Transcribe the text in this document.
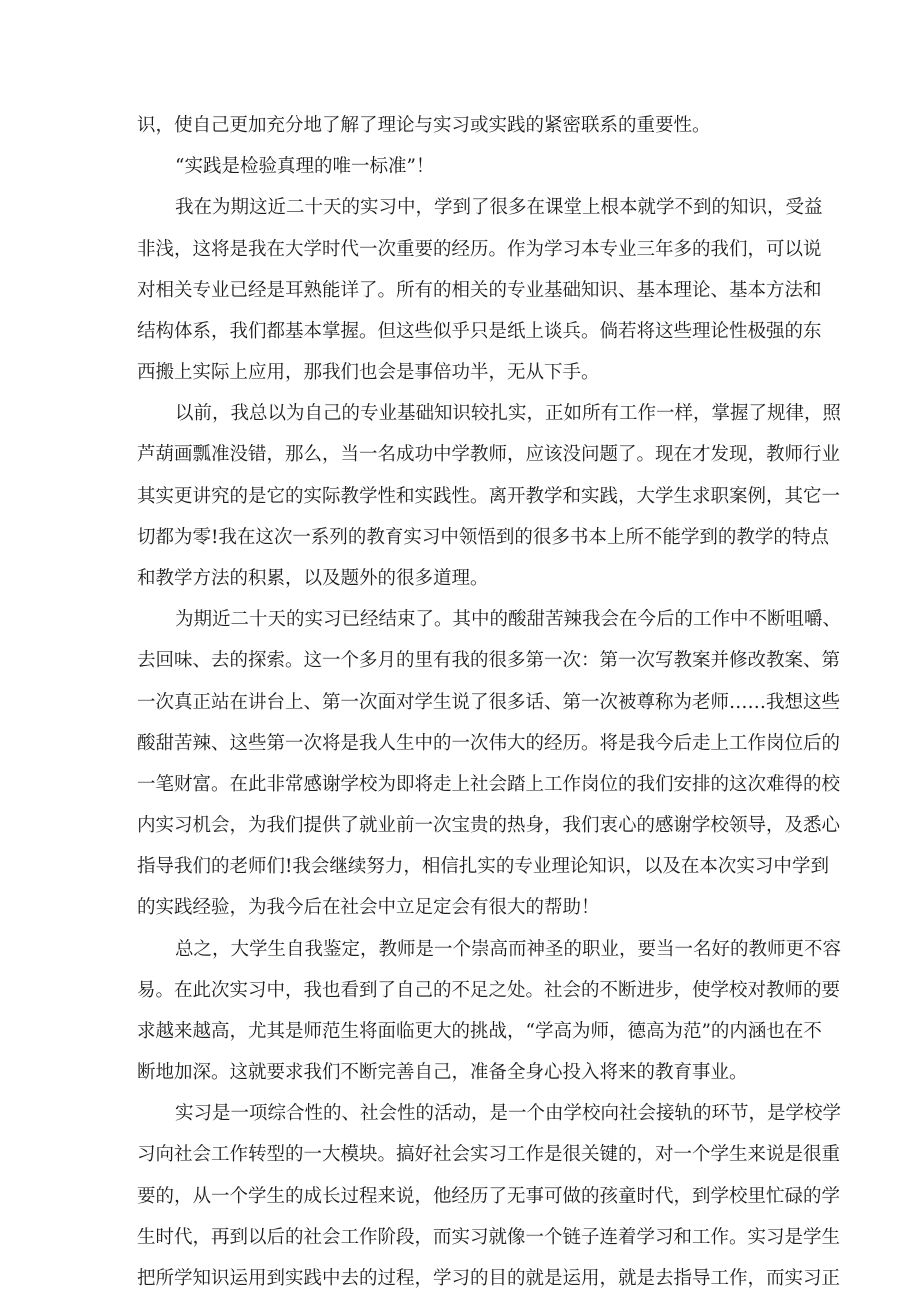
识，使自己更加充分地了解了理论与实习或实践的紧密联系的重要性。
“实践是检验真理的唯一标准”！
我在为期这近二十天的实习中，学到了很多在课堂上根本就学不到的知识，受益
非浅，这将是我在大学时代一次重要的经历。作为学习本专业三年多的我们，可以说
对相关专业已经是耳熟能详了。所有的相关的专业基础知识、基本理论、基本方法和
结构体系，我们都基本掌握。但这些似乎只是纸上谈兵。倘若将这些理论性极强的东
西搬上实际上应用，那我们也会是事倍功半，无从下手。
以前，我总以为自己的专业基础知识较扎实，正如所有工作一样，掌握了规律，照
芦葫画瓢准没错，那么，当一名成功中学教师，应该没问题了。现在才发现，教师行业
其实更讲究的是它的实际教学性和实践性。离开教学和实践，大学生求职案例，其它一
切都为零!我在这次一系列的教育实习中领悟到的很多书本上所不能学到的教学的特点
和教学方法的积累，以及题外的很多道理。
为期近二十天的实习已经结束了。其中的酸甜苦辣我会在今后的工作中不断咀嚼、
去回味、去的探索。这一个多月的里有我的很多第一次：第一次写教案并修改教案、第
一次真正站在讲台上、第一次面对学生说了很多话、第一次被尊称为老师……我想这些
酸甜苦辣、这些第一次将是我人生中的一次伟大的经历。将是我今后走上工作岗位后的
一笔财富。在此非常感谢学校为即将走上社会踏上工作岗位的我们安排的这次难得的校
内实习机会，为我们提供了就业前一次宝贵的热身，我们衷心的感谢学校领导，及悉心
指导我们的老师们!我会继续努力，相信扎实的专业理论知识，以及在本次实习中学到
的实践经验，为我今后在社会中立足定会有很大的帮助！
总之，大学生自我鉴定，教师是一个崇高而神圣的职业，要当一名好的教师更不容
易。在此次实习中，我也看到了自己的不足之处。社会的不断进步，使学校对教师的要
求越来越高，尤其是师范生将面临更大的挑战，“学高为师，德高为范”的内涵也在不
断地加深。这就要求我们不断完善自己，准备全身心投入将来的教育事业。
实习是一项综合性的、社会性的活动，是一个由学校向社会接轨的环节，是学校学
习向社会工作转型的一大模块。搞好社会实习工作是很关键的，对一个学生来说是很重
要的，从一个学生的成长过程来说，他经历了无事可做的孩童时代，到学校里忙碌的学
生时代，再到以后的社会工作阶段，而实习就像一个链子连着学习和工作。实习是学生
把所学知识运用到实践中去的过程，学习的目的就是运用，就是去指导工作，而实习正
